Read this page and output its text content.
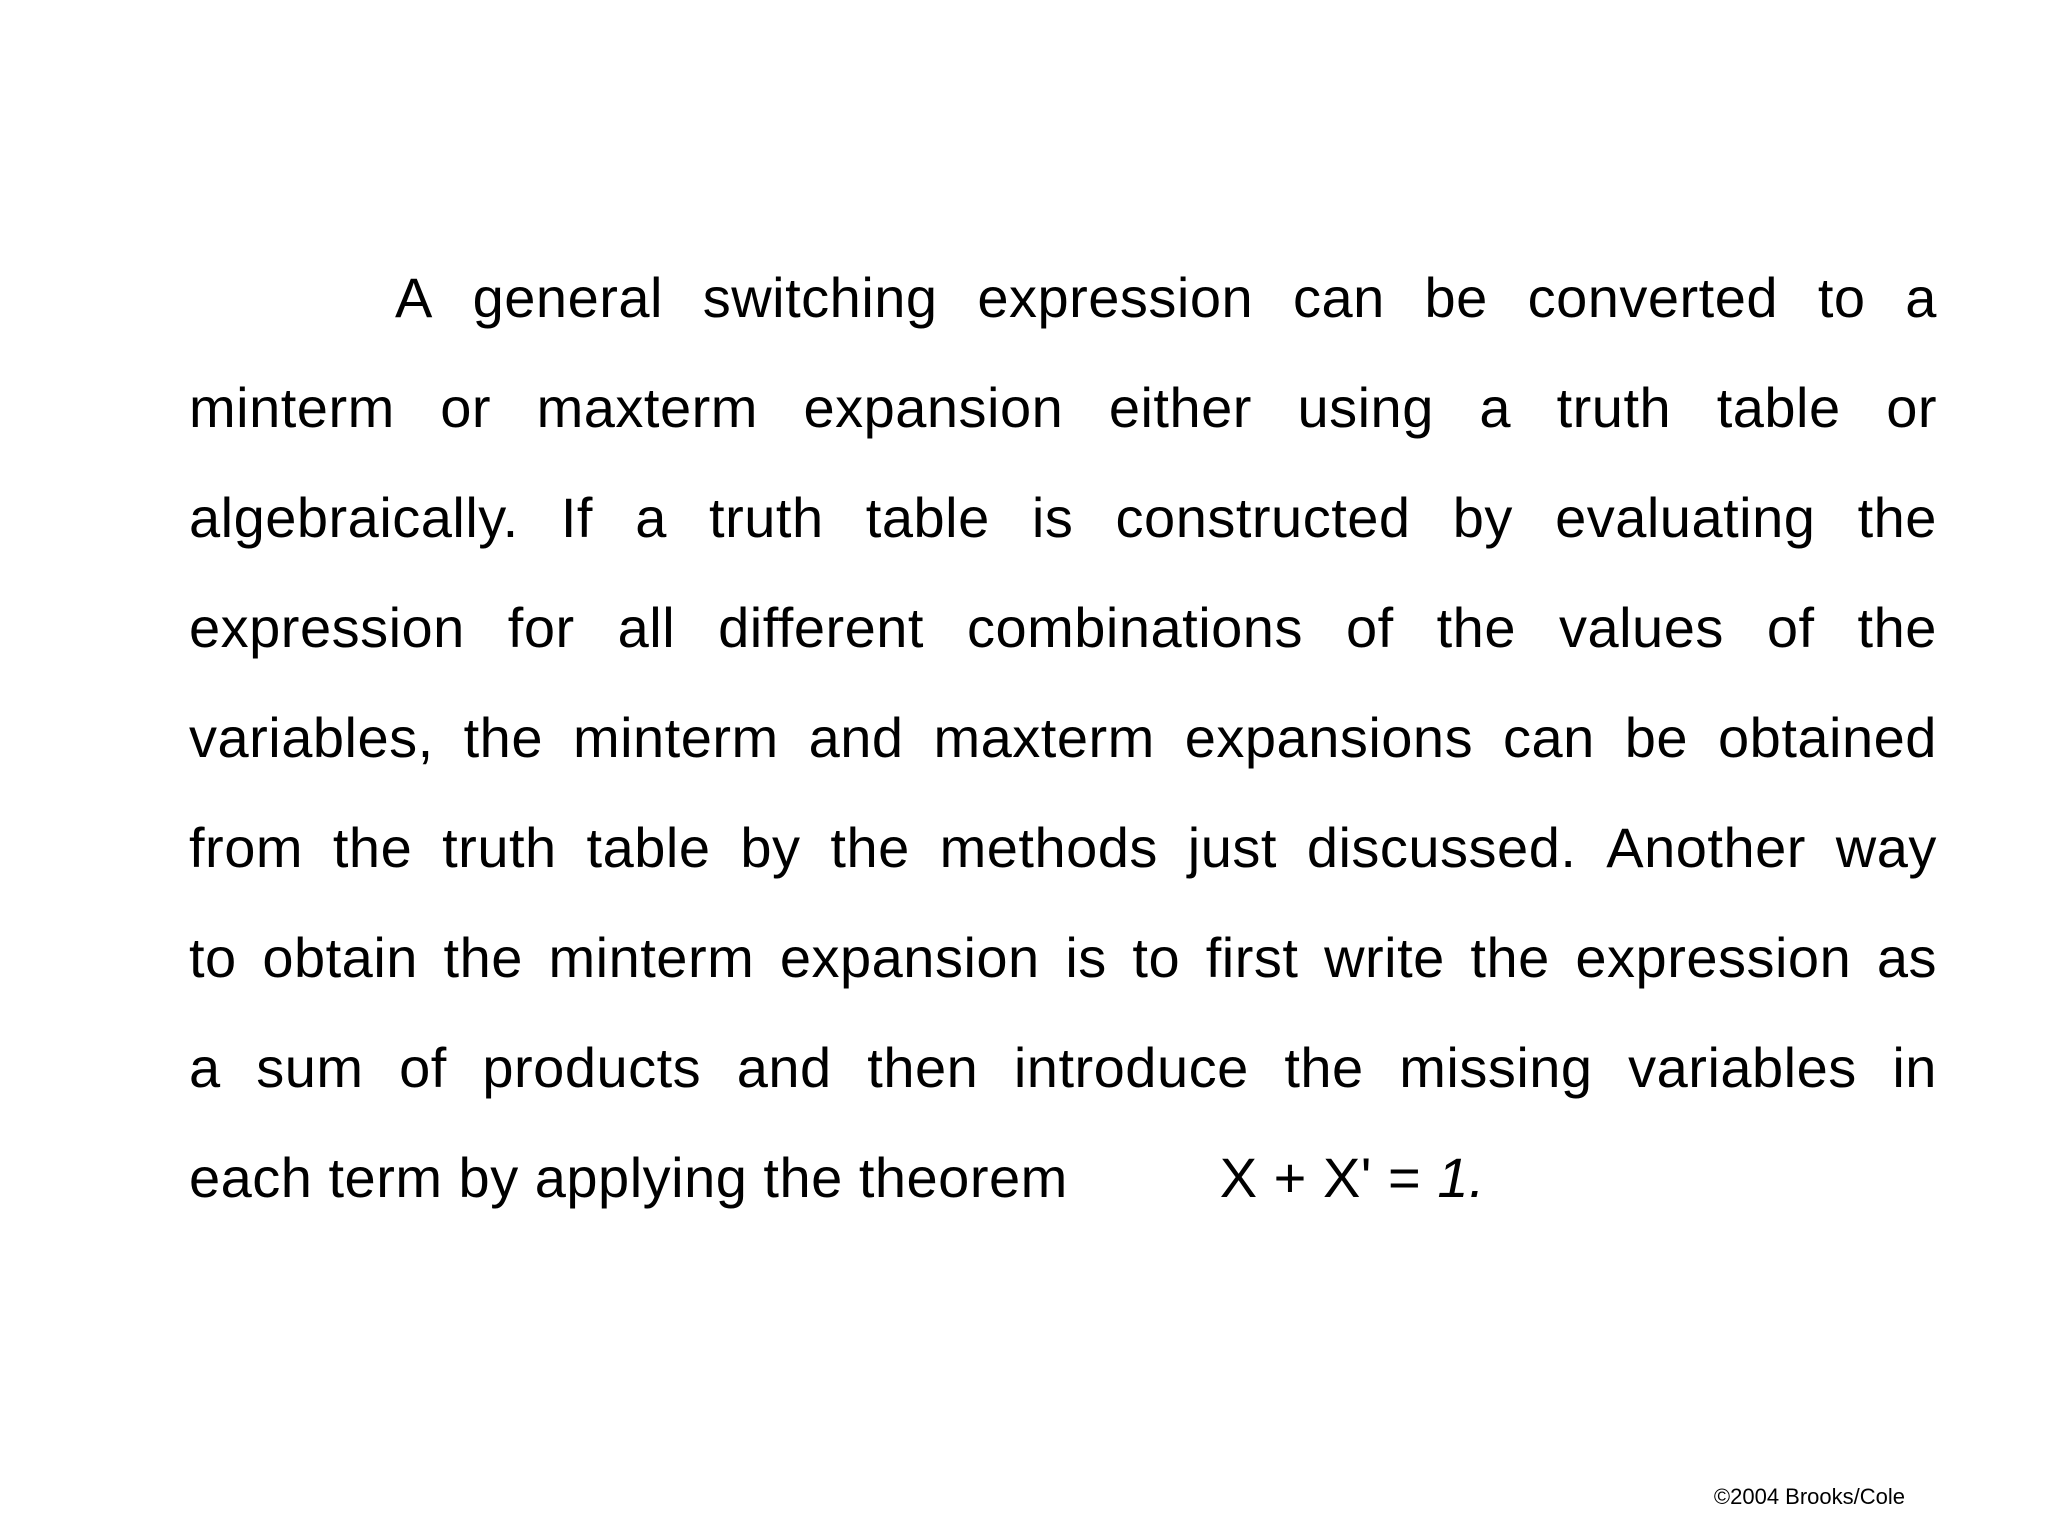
A general switching expression can be converted to a
minterm or maxterm expansion either using a truth table or
algebraically. If a truth table is constructed by evaluating the
expression for all different combinations of the values of the
variables, the minterm and maxterm expansions can be obtained
from the truth table by the methods just discussed. Another way
to obtain the minterm expansion is to first write the expression as
a sum of products and then introduce the missing variables in
each term by applying the theorem	X + X' = 1.
©2004 Brooks/Cole
